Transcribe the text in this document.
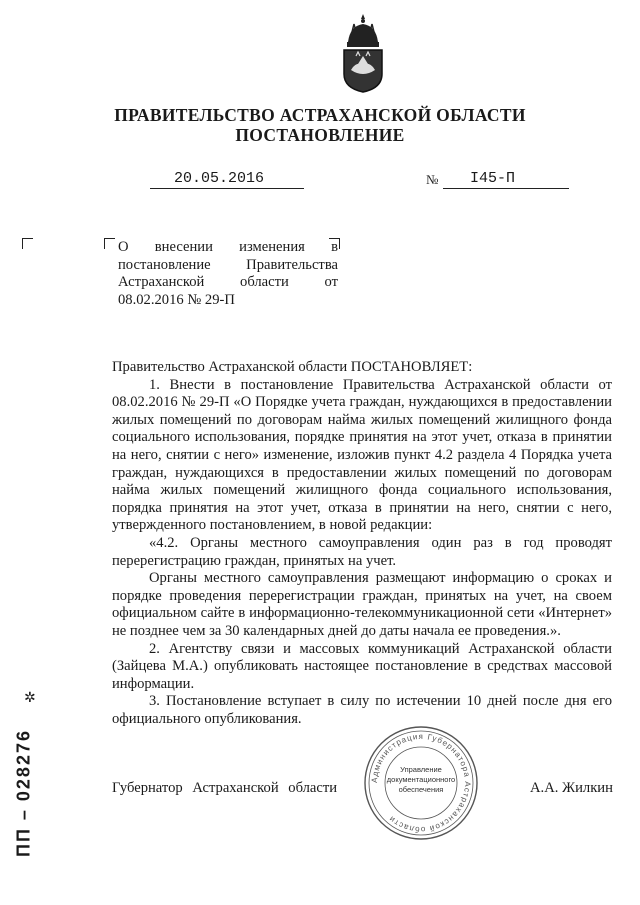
ПРАВИТЕЛЬСТВО АСТРАХАНСКОЙ ОБЛАСТИ
ПОСТАНОВЛЕНИЕ
20.05.2016	№ I45-П
О внесении изменения в постановление Правительства Астраханской области от 08.02.2016 № 29-П

Правительство Астраханской области ПОСТАНОВЛЯЕТ:

1. Внести в постановление Правительства Астраханской области от 08.02.2016 № 29-П «О Порядке учета граждан, нуждающихся в предоставлении жилых помещений по договорам найма жилых помещений жилищного фонда социального использования, порядке принятия на этот учет, отказа в принятии на него, снятии с него» изменение, изложив пункт 4.2 раздела 4 Порядка учета граждан, нуждающихся в предоставлении жилых помещений по договорам найма жилых помещений жилищного фонда социального использования, порядка принятия на этот учет, отказа в принятии на него, снятии с него, утвержденного постановлением, в новой редакции:

«4.2. Органы местного самоуправления один раз в год проводят перерегистрацию граждан, принятых на учет.

Органы местного самоуправления размещают информацию о сроках и порядке проведения перерегистрации граждан, принятых на учет, на своем официальном сайте в информационно-телекоммуникационной сети «Интернет» не позднее чем за 30 календарных дней до даты начала ее проведения.».

2. Агентству связи и массовых коммуникаций Астраханской области (Зайцева М.А.) опубликовать настоящее постановление в средствах массовой информации.

3. Постановление вступает в силу по истечении 10 дней после дня его официального опубликования.

Губернатор Астраханской области	А.А. Жилкин
Администрация Губернатора Астраханской области
Управление документационного обеспечения
✲
ПП – 028276
